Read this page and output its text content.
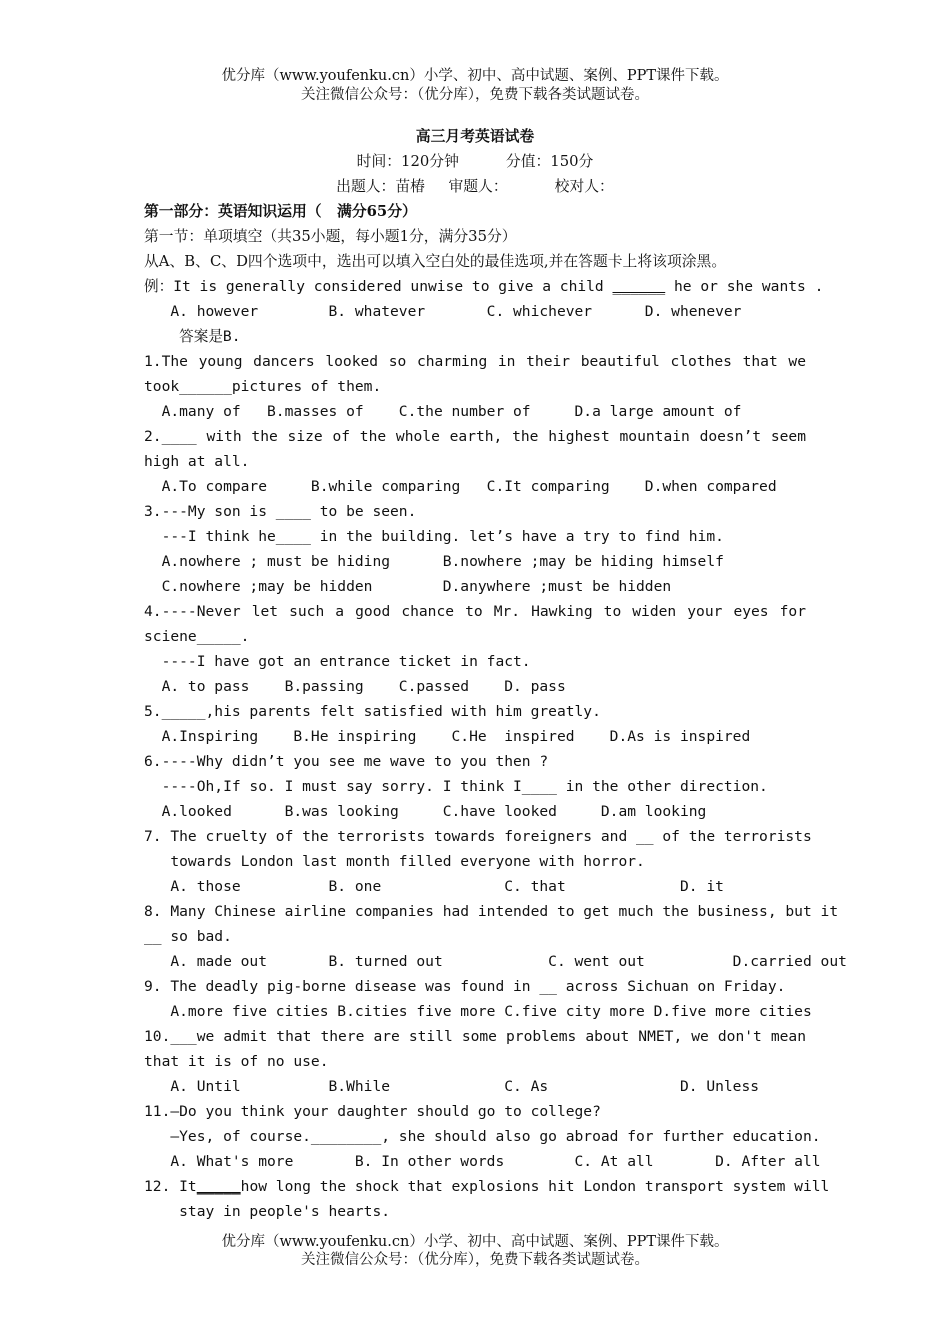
优分库（www.youfenku.cn）小学、初中、高中试题、案例、PPT课件下载。
关注微信公众号：（优分库），免费下载各类试题试卷。
高三月考英语试卷
时间：120分钟          分值：150分
出题人：苗椿     审题人：          校对人：
第一部分：英语知识运用（   满分65分）
第一节：单项填空（共35小题，每小题1分，满分35分）
从A、B、C、D四个选项中，选出可以填入空白处的最佳选项,并在答题卡上将该项涂黑。
例：It is generally considered unwise to give a child ______ he or she wants .
A. however        B. whatever       C. whichever      D. whenever
答案是B.
1.The young dancers looked so charming in their beautiful clothes that we
took______pictures of them.
A.many of   B.masses of    C.the number of     D.a large amount of
2.____ with the size of the whole earth, the highest mountain doesn’t seem
high at all.
A.To compare     B.while comparing   C.It comparing    D.when compared
3.---My son is ____ to be seen.
---I think he____ in the building. let’s have a try to find him.
A.nowhere ; must be hiding      B.nowhere ;may be hiding himself
C.nowhere ;may be hidden        D.anywhere ;must be hidden
4.----Never let such a good chance to Mr. Hawking to widen your eyes for
sciene_____.
----I have got an entrance ticket in fact.
A. to pass    B.passing    C.passed    D. pass
5._____,his parents felt satisfied with him greatly.
A.Inspiring    B.He inspiring    C.He  inspired    D.As is inspired
6.----Why didn’t you see me wave to you then ?
----Oh,If so. I must say sorry. I think I____ in the other direction.
A.looked      B.was looking     C.have looked     D.am looking
7. The cruelty of the terrorists towards foreigners and __ of the terrorists
towards London last month filled everyone with horror.
A. those          B. one              C. that             D. it
8. Many Chinese airline companies had intended to get much the business, but it
__ so bad.
A. made out       B. turned out            C. went out          D.carried out
9. The deadly pig-borne disease was found in __ across Sichuan on Friday.
A.more five cities B.cities five more C.five city more D.five more cities
10.___we admit that there are still some problems about NMET, we don't mean
that it is of no use.
A. Until          B.While             C. As               D. Unless
11.—Do you think your daughter should go to college?
—Yes, of course.________, she should also go abroad for further education.
A. What's more       B. In other words        C. At all       D. After all
12. It_____how long the shock that explosions hit London transport system will
stay in people's hearts.
优分库（www.youfenku.cn）小学、初中、高中试题、案例、PPT课件下载。
关注微信公众号：（优分库），免费下载各类试题试卷。
